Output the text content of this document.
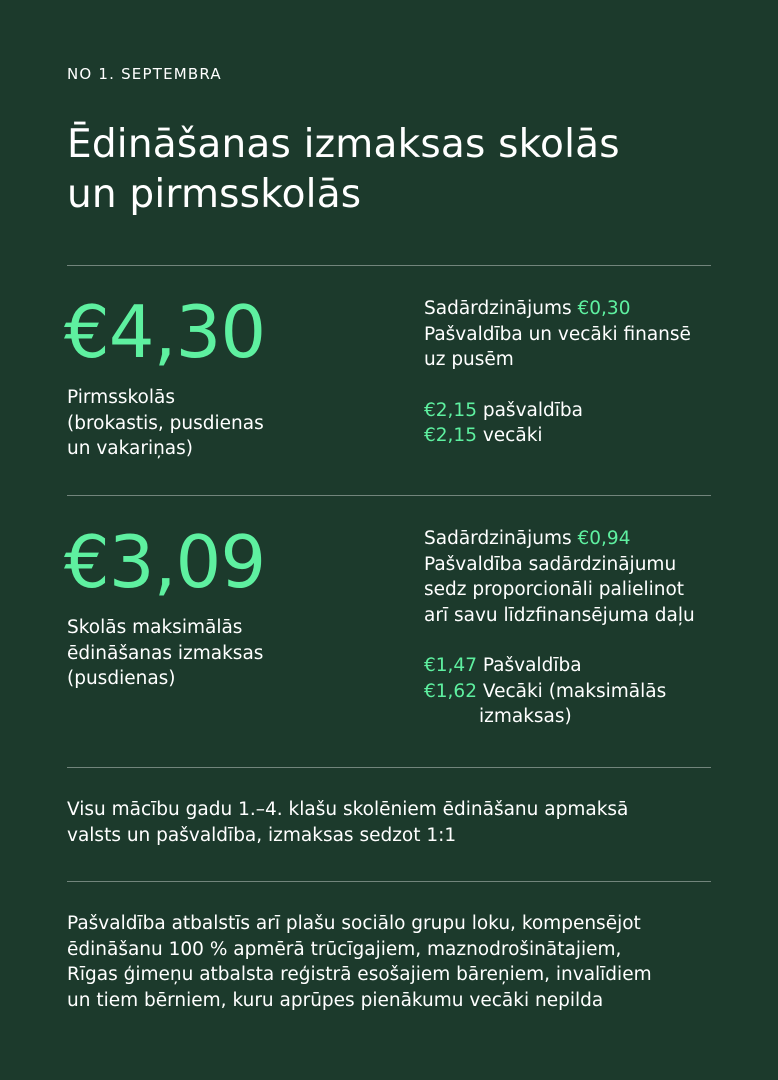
NO 1. SEPTEMBRA
Ēdināšanas izmaksas skolās
un pirmsskolās
€4,30
Pirmsskolās
(brokastis, pusdienas
un vakariņas)
Sadārdzinājums €0,30
Pašvaldība un vecāki finansē
uz pusēm
€2,15 pašvaldība
€2,15 vecāki
€3,09
Skolās maksimālās
ēdināšanas izmaksas
(pusdienas)
Sadārdzinājums €0,94
Pašvaldība sadārdzinājumu
sedz proporcionāli palielinot
arī savu līdzfinansējuma daļu
€1,47 Pašvaldība
€1,62 Vecāki (maksimālās
izmaksas)
Visu mācību gadu 1.–4. klašu skolēniem ēdināšanu apmaksā
valsts un pašvaldība, izmaksas sedzot 1:1
Pašvaldība atbalstīs arī plašu sociālo grupu loku, kompensējot
ēdināšanu 100 % apmērā trūcīgajiem, maznodrošinātajiem,
Rīgas ģimeņu atbalsta reģistrā esošajiem bāreņiem, invalīdiem
un tiem bērniem, kuru aprūpes pienākumu vecāki nepilda
